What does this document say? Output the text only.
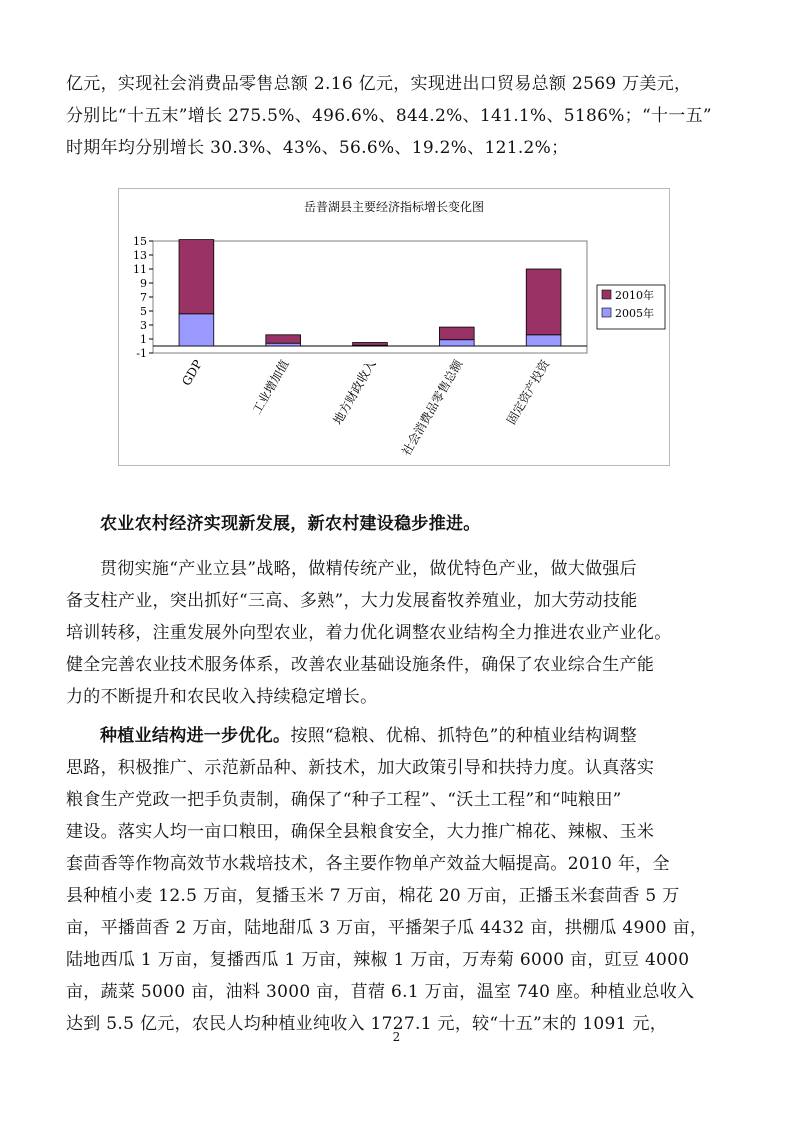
亿元，实现社会消费品零售总额 2.16 亿元，实现进出口贸易总额 2569 万美元，
分别比“十五末”增长 275.5%、496.6%、844.2%、141.1%、5186%；“十一五”
时期年均分别增长 30.3%、43%、56.6%、19.2%、121.2%；
岳普湖县主要经济指标增长变化图
-1
1
3
5
7
9
11
13
15
GDP	工业增加值	地方财政收入 社会消费品零售总额	固定资产投资
2010年
2005年
农业农村经济实现新发展，新农村建设稳步推进。
贯彻实施“产业立县”战略，做精传统产业，做优特色产业，做大做强后
备支柱产业，突出抓好“三高、多熟”，大力发展畜牧养殖业，加大劳动技能
培训转移，注重发展外向型农业，着力优化调整农业结构全力推进农业产业化。
健全完善农业技术服务体系，改善农业基础设施条件，确保了农业综合生产能
力的不断提升和农民收入持续稳定增长。
种植业结构进一步优化。按照“稳粮、优棉、抓特色”的种植业结构调整
思路，积极推广、示范新品种、新技术，加大政策引导和扶持力度。认真落实
粮食生产党政一把手负责制，确保了“种子工程”、“沃土工程”和“吨粮田”
建设。落实人均一亩口粮田，确保全县粮食安全，大力推广棉花、辣椒、玉米
套茴香等作物高效节水栽培技术，各主要作物单产效益大幅提高。2010 年，全
县种植小麦 12.5 万亩，复播玉米 7 万亩，棉花 20 万亩，正播玉米套茴香 5 万
亩，平播茴香 2 万亩，陆地甜瓜 3 万亩，平播架子瓜 4432 亩，拱棚瓜 4900 亩，
陆地西瓜 1 万亩，复播西瓜 1 万亩，辣椒 1 万亩，万寿菊 6000 亩，豇豆 4000
亩，蔬菜 5000 亩，油料 3000 亩，苜蓿 6.1 万亩，温室 740 座。种植业总收入
达到 5.5 亿元，农民人均种植业纯收入 1727.1 元，较“十五”末的 1091 元，
2
